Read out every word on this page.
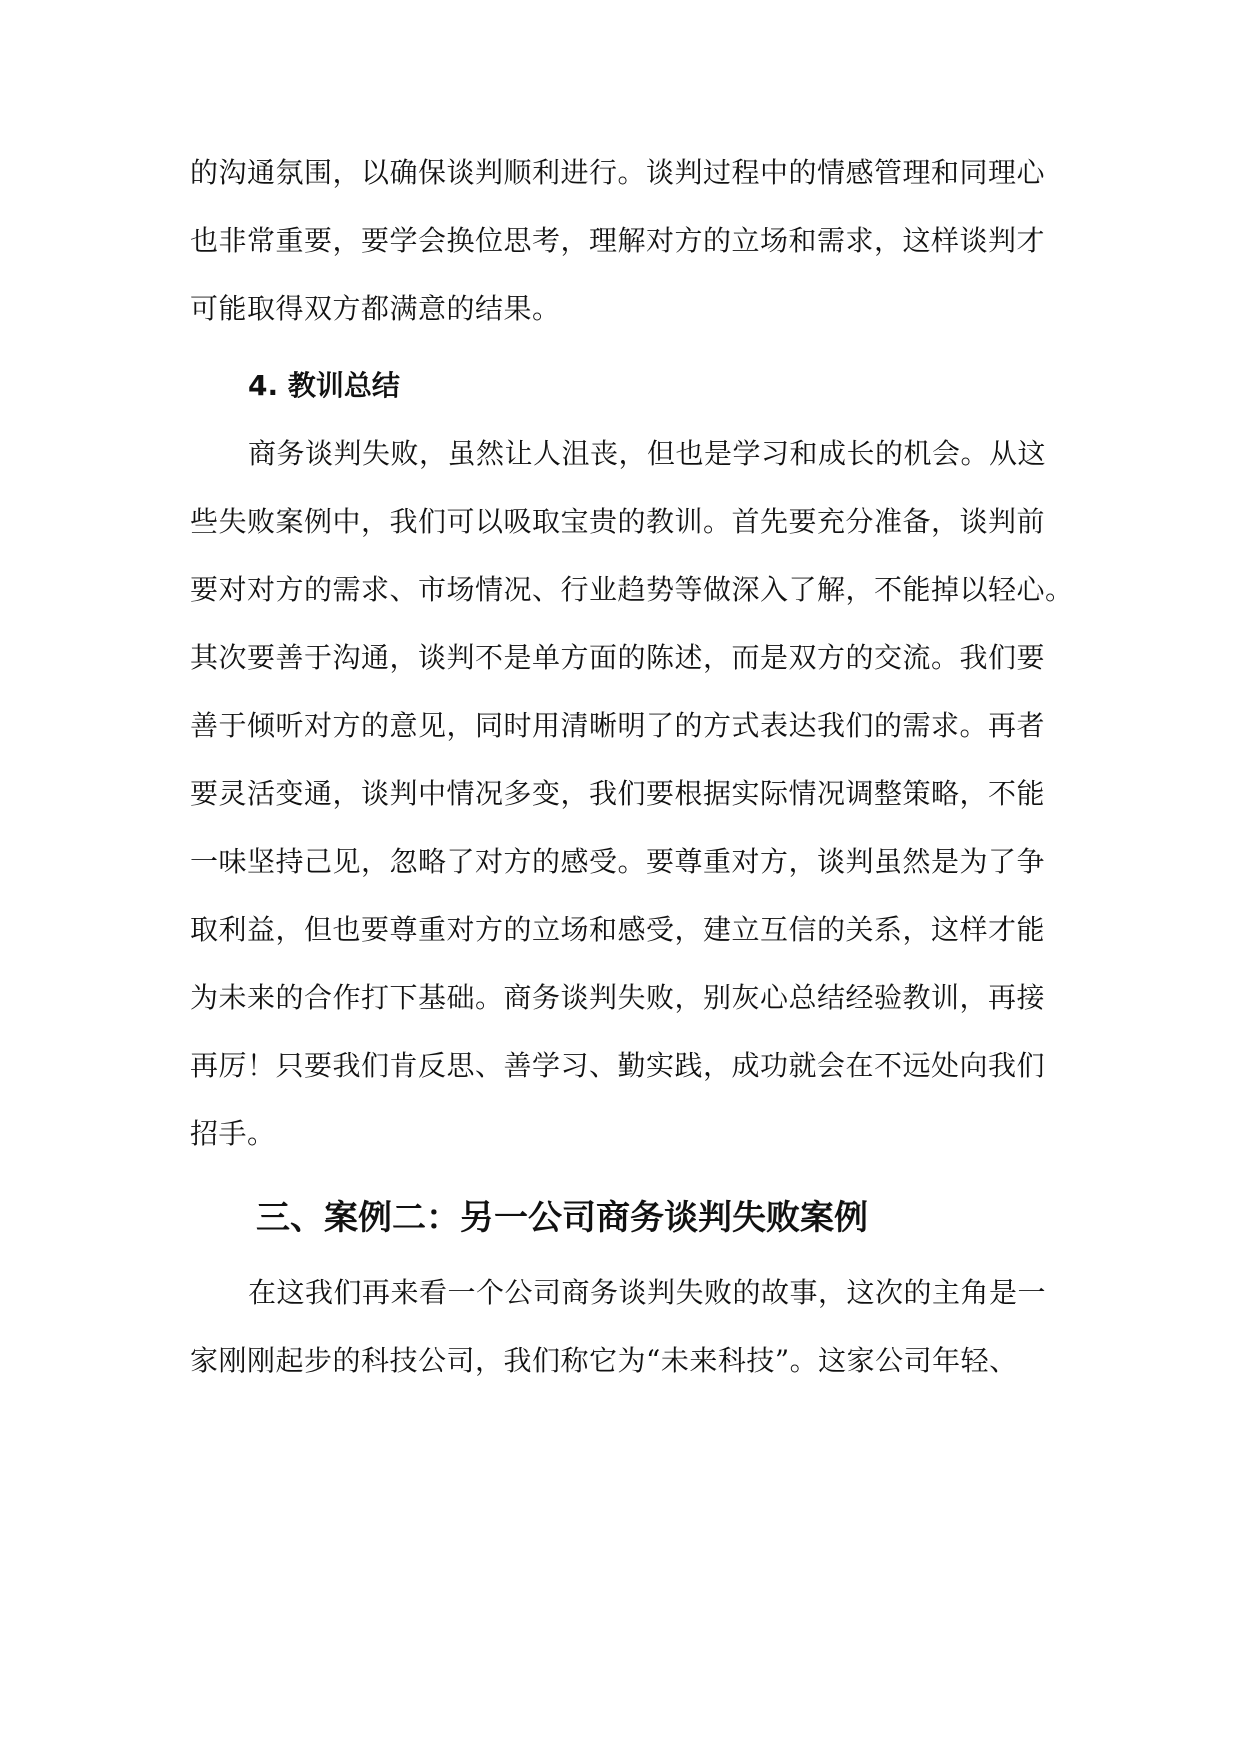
的沟通氛围，以确保谈判顺利进行。谈判过程中的情感管理和同理心
也非常重要，要学会换位思考，理解对方的立场和需求，这样谈判才
可能取得双方都满意的结果。
4. 教训总结
商务谈判失败，虽然让人沮丧，但也是学习和成长的机会。从这
些失败案例中，我们可以吸取宝贵的教训。首先要充分准备，谈判前
要对对方的需求、市场情况、行业趋势等做深入了解，不能掉以轻心。
其次要善于沟通，谈判不是单方面的陈述，而是双方的交流。我们要
善于倾听对方的意见，同时用清晰明了的方式表达我们的需求。再者
要灵活变通，谈判中情况多变，我们要根据实际情况调整策略，不能
一味坚持己见，忽略了对方的感受。要尊重对方，谈判虽然是为了争
取利益，但也要尊重对方的立场和感受，建立互信的关系，这样才能
为未来的合作打下基础。商务谈判失败，别灰心总结经验教训，再接
再厉！只要我们肯反思、善学习、勤实践，成功就会在不远处向我们
招手。
三、案例二：另一公司商务谈判失败案例
在这我们再来看一个公司商务谈判失败的故事，这次的主角是一
家刚刚起步的科技公司，我们称它为“未来科技”。这家公司年轻、
